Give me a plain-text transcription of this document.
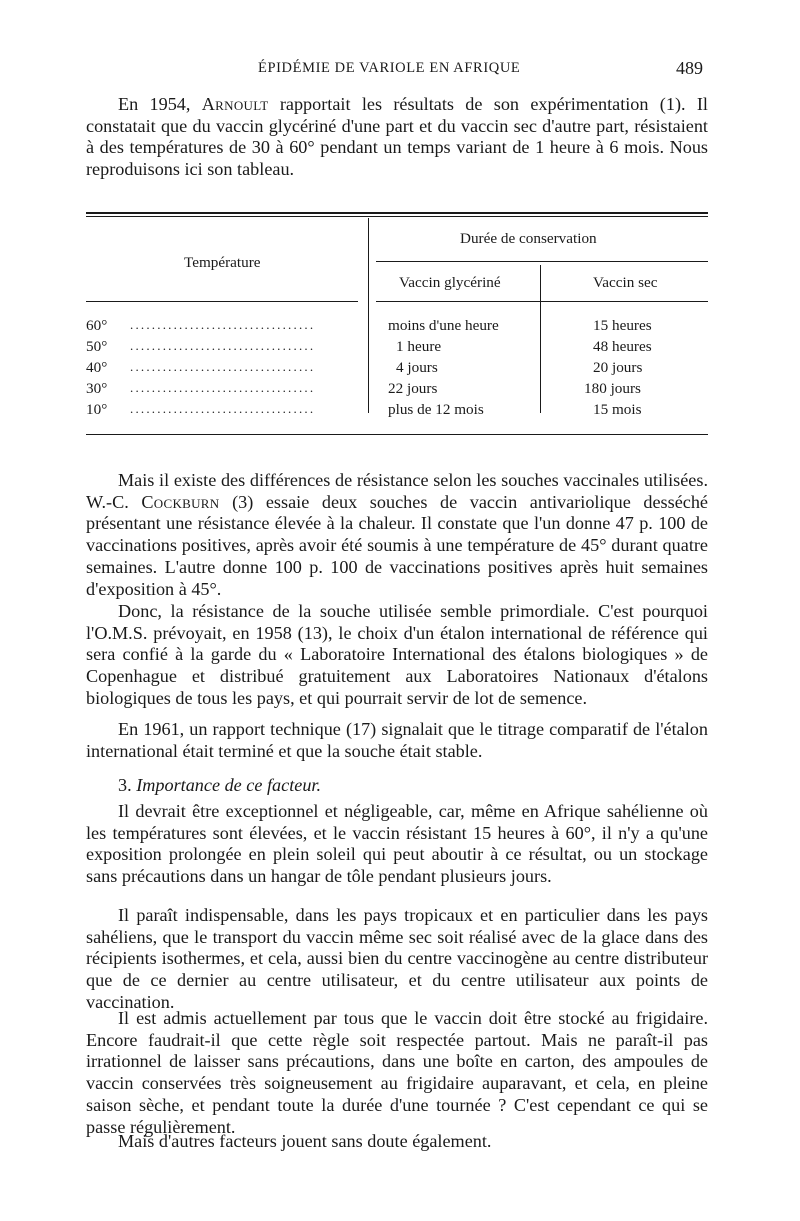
ÉPIDÉMIE DE VARIOLE EN AFRIQUE	489

En 1954, Arnoult rapportait les résultats de son expérimentation (1). Il constatait que du vaccin glycériné d'une part et du vaccin sec d'autre part, résistaient à des températures de 30 à 60° pendant un temps variant de 1 heure à 6 mois. Nous reproduisons ici son tableau.

Température
Durée de conservation
Vaccin glycériné	Vaccin sec
60° ..................................	moins d'une heure	15 heures
50° ..................................	1 heure	48 heures
40° ..................................	4 jours	20 jours
30° ..................................	22 jours	180 jours
10° ..................................	plus de 12 mois	15 mois

Mais il existe des différences de résistance selon les souches vaccinales utilisées. W.-C. Cockburn (3) essaie deux souches de vaccin antivariolique desséché présentant une résistance élevée à la chaleur. Il constate que l'un donne 47 p. 100 de vaccinations positives, après avoir été soumis à une température de 45° durant quatre semaines. L'autre donne 100 p. 100 de vaccinations positives après huit semaines d'exposition à 45°.

Donc, la résistance de la souche utilisée semble primordiale. C'est pourquoi l'O.M.S. prévoyait, en 1958 (13), le choix d'un étalon international de référence qui sera confié à la garde du « Laboratoire International des étalons biologiques » de Copenhague et distribué gratuitement aux Laboratoires Nationaux d'étalons biologiques de tous les pays, et qui pourrait servir de lot de semence.

En 1961, un rapport technique (17) signalait que le titrage comparatif de l'étalon international était terminé et que la souche était stable.

3. Importance de ce facteur.

Il devrait être exceptionnel et négligeable, car, même en Afrique sahélienne où les températures sont élevées, et le vaccin résistant 15 heures à 60°, il n'y a qu'une exposition prolongée en plein soleil qui peut aboutir à ce résultat, ou un stockage sans précautions dans un hangar de tôle pendant plusieurs jours.

Il paraît indispensable, dans les pays tropicaux et en particulier dans les pays sahéliens, que le transport du vaccin même sec soit réalisé avec de la glace dans des récipients isothermes, et cela, aussi bien du centre vaccinogène au centre distributeur que de ce dernier au centre utilisateur, et du centre utilisateur aux points de vaccination.

Il est admis actuellement par tous que le vaccin doit être stocké au frigidaire. Encore faudrait-il que cette règle soit respectée partout. Mais ne paraît-il pas irrationnel de laisser sans précautions, dans une boîte en carton, des ampoules de vaccin conservées très soigneusement au frigidaire auparavant, et cela, en pleine saison sèche, et pendant toute la durée d'une tournée ? C'est cependant ce qui se passe régulièrement.

Mais d'autres facteurs jouent sans doute également.
